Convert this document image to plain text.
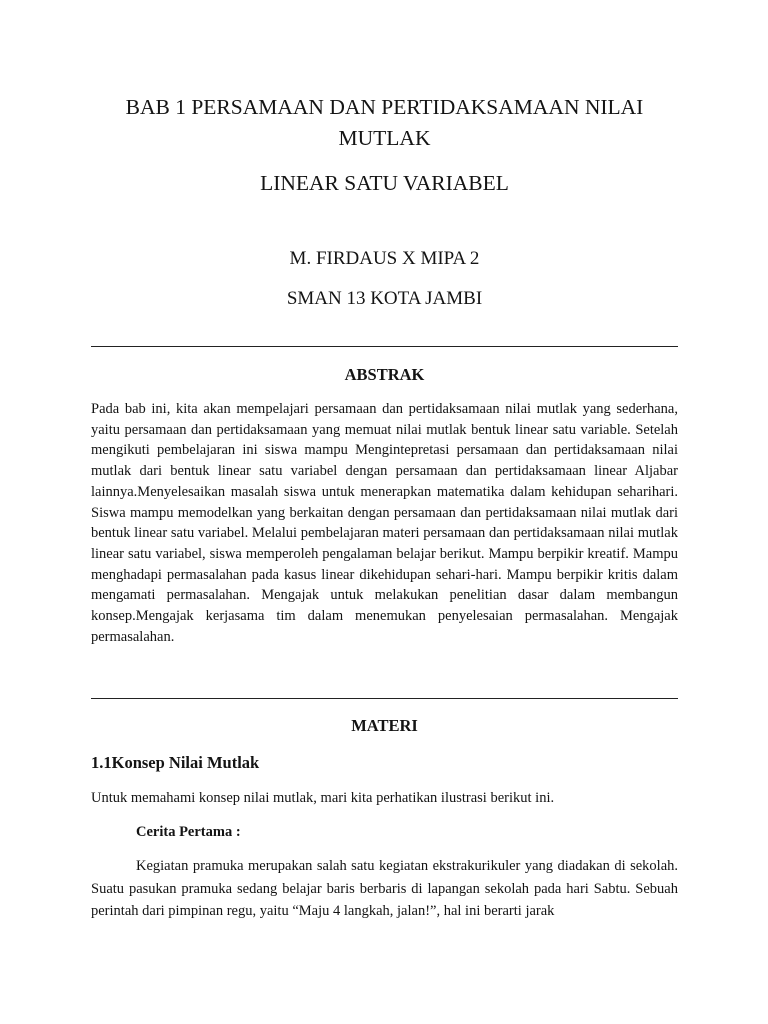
BAB 1 PERSAMAAN DAN PERTIDAKSAMAAN NILAI MUTLAK
LINEAR SATU VARIABEL

M. FIRDAUS X MIPA 2

SMAN 13 KOTA JAMBI

ABSTRAK

Pada bab ini, kita akan mempelajari persamaan dan pertidaksamaan nilai mutlak yang sederhana, yaitu persamaan dan pertidaksamaan yang memuat nilai mutlak bentuk linear satu variable. Setelah mengikuti pembelajaran ini siswa mampu Mengintepretasi persamaan dan pertidaksamaan nilai mutlak dari bentuk linear satu variabel dengan persamaan dan pertidaksamaan linear Aljabar lainnya.Menyelesaikan masalah siswa untuk menerapkan matematika dalam kehidupan seharihari. Siswa mampu memodelkan yang berkaitan dengan persamaan dan pertidaksamaan nilai mutlak dari bentuk linear satu variabel. Melalui pembelajaran materi persamaan dan pertidaksamaan nilai mutlak linear satu variabel, siswa memperoleh pengalaman belajar berikut. Mampu berpikir kreatif. Mampu menghadapi permasalahan pada kasus linear dikehidupan sehari-hari. Mampu berpikir kritis dalam mengamati permasalahan. Mengajak untuk melakukan penelitian dasar dalam membangun konsep.Mengajak kerjasama tim dalam menemukan penyelesaian permasalahan. Mengajak permasalahan.

MATERI
1.1Konsep Nilai Mutlak

Untuk memahami konsep nilai mutlak, mari kita perhatikan ilustrasi berikut ini.

Cerita Pertama :

Kegiatan pramuka merupakan salah satu kegiatan ekstrakurikuler yang diadakan di sekolah. Suatu pasukan pramuka sedang belajar baris berbaris di lapangan sekolah pada hari Sabtu. Sebuah perintah dari pimpinan regu, yaitu “Maju 4 langkah, jalan!”, hal ini berarti jarak
